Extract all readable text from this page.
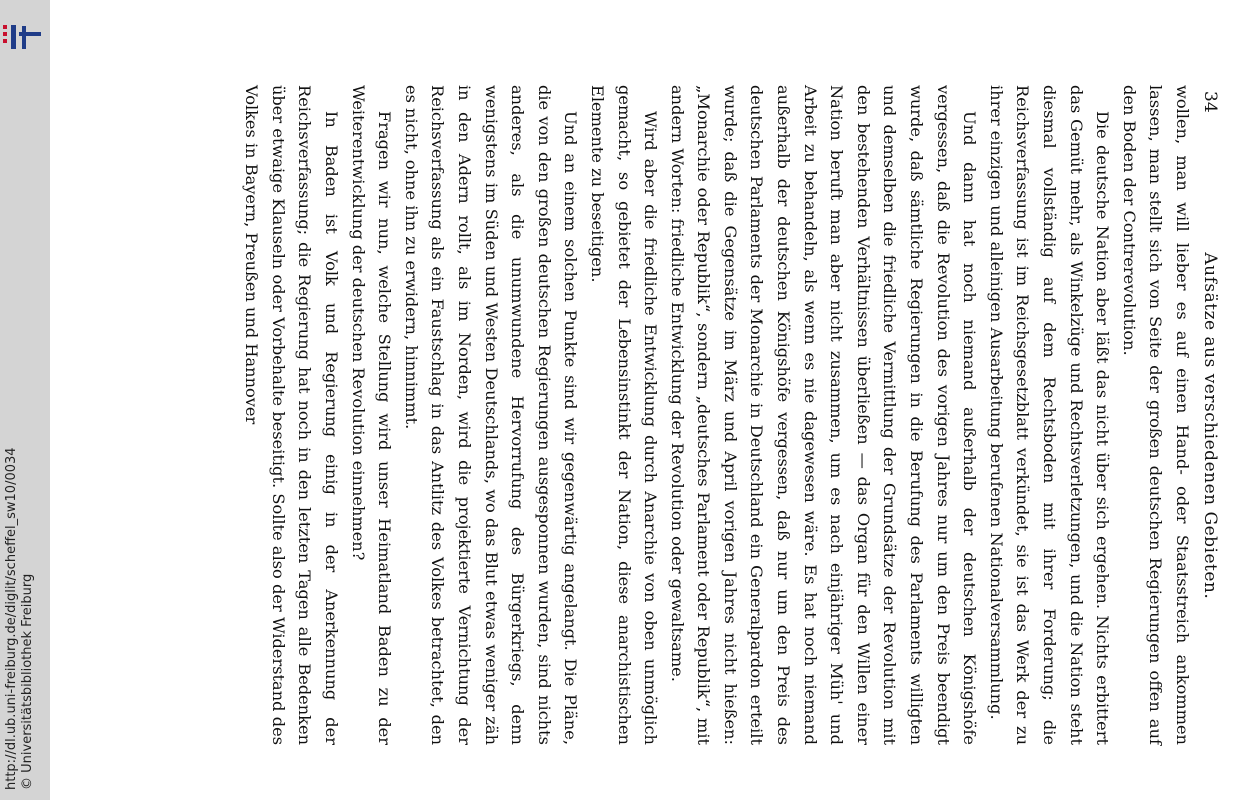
http://dl.ub.uni-freiburg.de/diglit/scheffel_sw10/0034 © Universitätsbibliothek Freiburg
34
Aufsätze aus verschiedenen Gebieten.

wollen, man will lieber es auf einen Hand- oder Staatsstreich ankommen lassen, man stellt sich von Seite der großen deutschen Regierungen offen auf den Boden der Contrerevolution.

Die deutsche Nation aber läßt das nicht über sich ergehen. Nichts erbittert das Gemüt mehr, als Winkelzüge und Rechtsverletzungen, und die Nation steht diesmal vollständig auf dem Rechtsboden mit ihrer Forderung; die Reichsverfassung ist im Reichsgesetzblatt verkündet, sie ist das Werk der zu ihrer einzigen und alleinigen Ausarbeitung berufenen Nationalversammlung.

Und dann hat noch niemand außerhalb der deutschen Königshöfe vergessen, daß die Revolution des vorigen Jahres nur um den Preis beendigt wurde, daß sämtliche Regierungen in die Berufung des Parlaments willigten und demselben die friedliche Vermittlung der Grundsätze der Revolution mit den bestehenden Verhältnissen überließen — das Organ für den Willen einer Nation beruft man aber nicht zusammen, um es nach einjähriger Müh' und Arbeit zu behandeln, als wenn es nie dagewesen wäre. Es hat noch niemand außerhalb der deutschen Königshöfe vergessen, daß nur um den Preis des deutschen Parlaments der Monarchie in Deutschland ein Generalpardon erteilt wurde; daß die Gegensätze im März und April vorigen Jahres nicht hießen: „Monarchie oder Republik“, sondern „deutsches Parlament oder Republik“, mit andern Worten: friedliche Entwicklung der Revolution oder gewaltsame.

Wird aber die friedliche Entwicklung durch Anarchie von oben unmöglich gemacht, so gebietet der Lebensinstinkt der Nation, diese anarchistischen Elemente zu beseitigen.

Und an einem solchen Punkte sind wir gegenwärtig angelangt. Die Pläne, die von den großen deutschen Regierungen ausgesponnen wurden, sind nichts anderes, als die unumwundene Hervorrufung des Bürgerkriegs, denn wenigstens im Süden und Westen Deutschlands, wo das Blut etwas weniger zäh in den Adern rollt, als im Norden, wird die projektierte Vernichtung der Reichsverfassung als ein Faustschlag in das Antlitz des Volkes betrachtet, den es nicht, ohne ihn zu erwidern, hinnimmt.

Fragen wir nun, welche Stellung wird unser Heimatland Baden zu der Weiterentwicklung der deutschen Revolution einnehmen?

In Baden ist Volk und Regierung einig in der Anerkennung der Reichsverfassung; die Regierung hat noch in den letzten Tagen alle Bedenken über etwaige Klauseln oder Vorbehalte beseitigt. Sollte also der Widerstand des Volkes in Bayern, Preußen und Hannover
